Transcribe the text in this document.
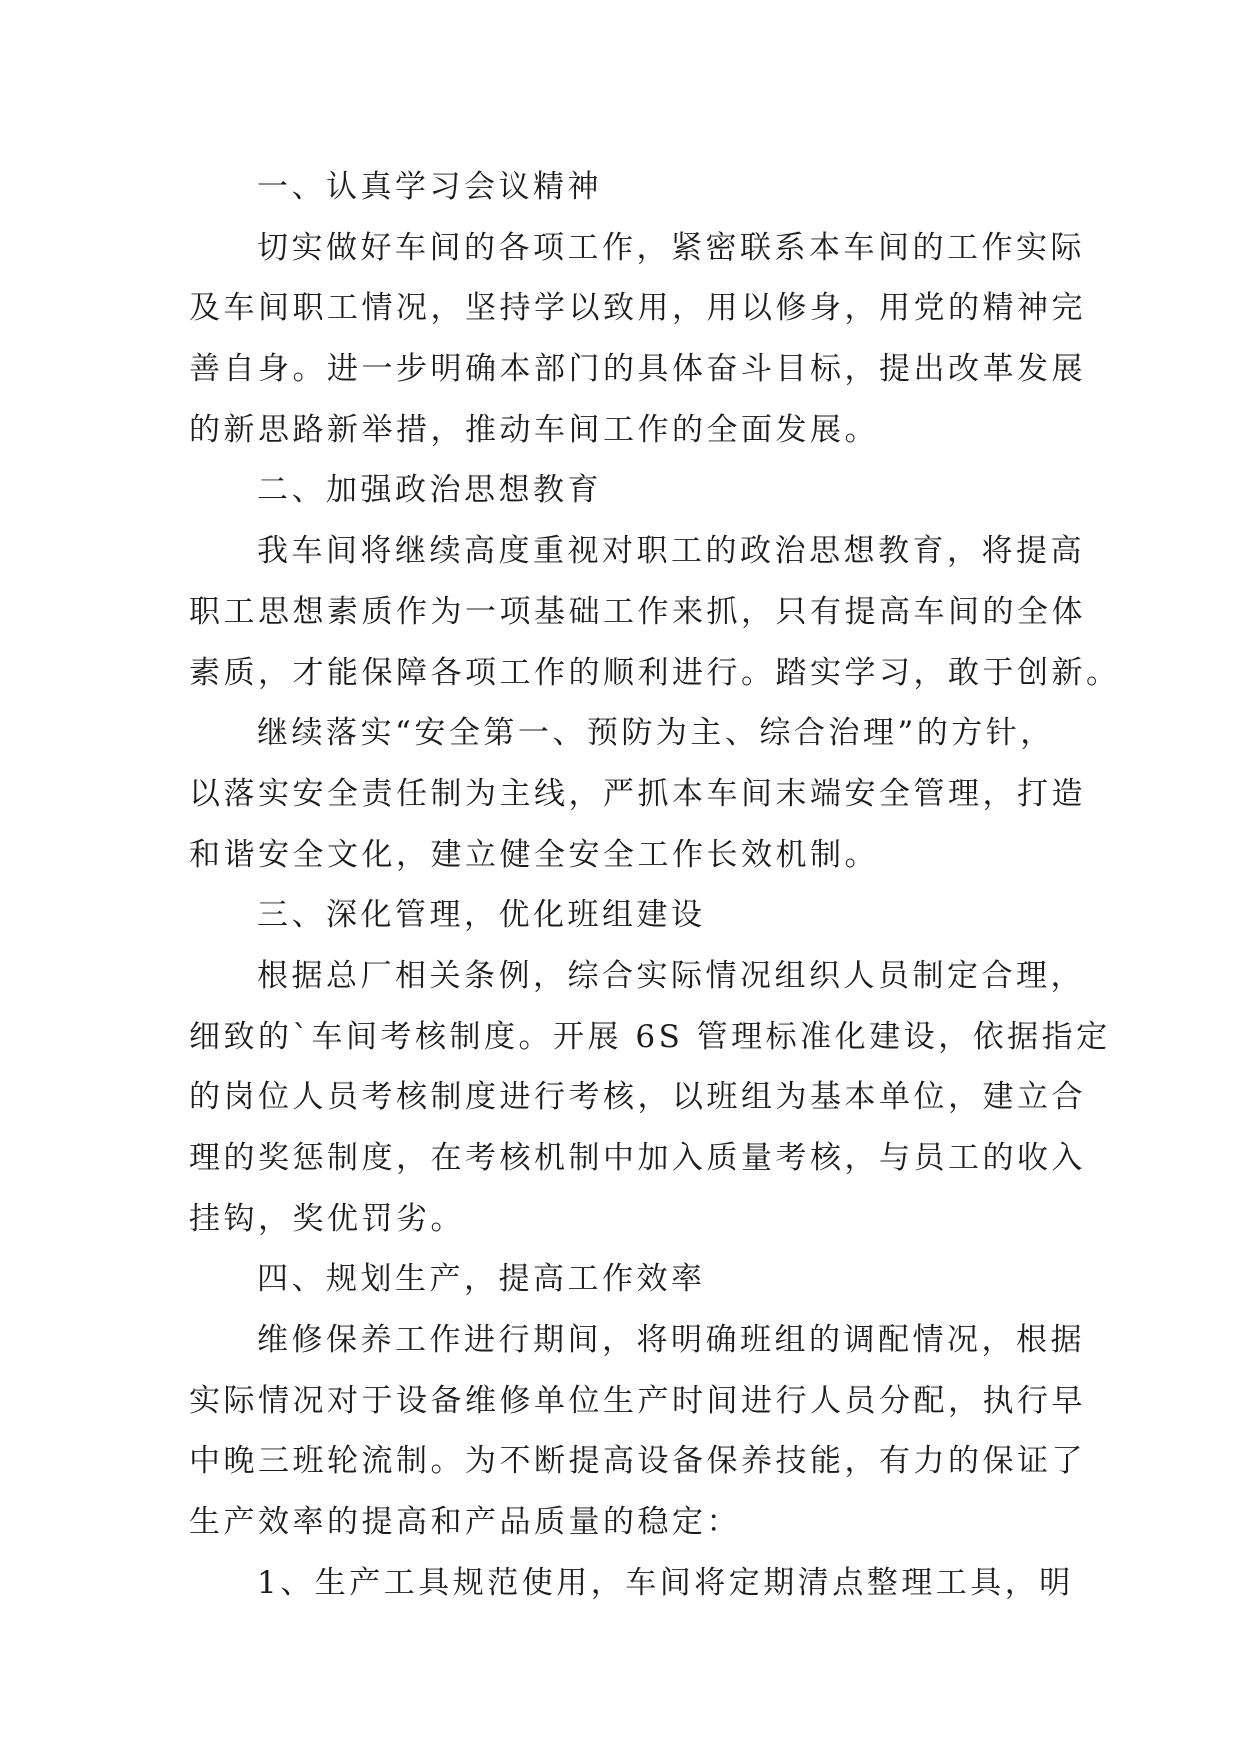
一、认真学习会议精神
切实做好车间的各项工作，紧密联系本车间的工作实际
及车间职工情况，坚持学以致用，用以修身，用党的精神完
善自身。进一步明确本部门的具体奋斗目标，提出改革发展
的新思路新举措，推动车间工作的全面发展。
二、加强政治思想教育
我车间将继续高度重视对职工的政治思想教育，将提高
职工思想素质作为一项基础工作来抓，只有提高车间的全体
素质，才能保障各项工作的顺利进行。踏实学习，敢于创新。
继续落实“安全第一、预防为主、综合治理”的方针，
以落实安全责任制为主线，严抓本车间末端安全管理，打造
和谐安全文化，建立健全安全工作长效机制。
三、深化管理，优化班组建设
根据总厂相关条例，综合实际情况组织人员制定合理，
细致的`车间考核制度。开展 6S 管理标准化建设，依据指定
的岗位人员考核制度进行考核，以班组为基本单位，建立合
理的奖惩制度，在考核机制中加入质量考核，与员工的收入
挂钩，奖优罚劣。
四、规划生产，提高工作效率
维修保养工作进行期间，将明确班组的调配情况，根据
实际情况对于设备维修单位生产时间进行人员分配，执行早
中晚三班轮流制。为不断提高设备保养技能，有力的保证了
生产效率的提高和产品质量的稳定：
1、生产工具规范使用，车间将定期清点整理工具，明
